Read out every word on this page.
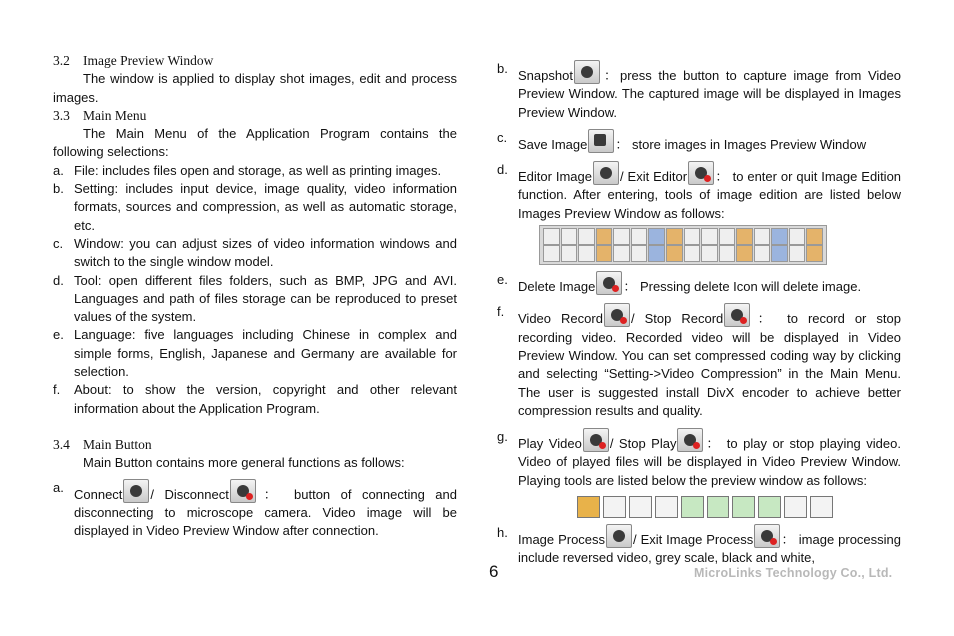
3.2 Image Preview Window

The window is applied to display shot images, edit and process images.

3.3 Main Menu

The Main Menu of the Application Program contains the following selections:

a. File: includes files open and storage, as well as printing images.
b. Setting: includes input device, image quality, video information formats, sources and compression, as well as automatic storage, etc.
c. Window: you can adjust sizes of video information windows and switch to the single window model.
d. Tool: open different files folders, such as BMP, JPG and AVI. Languages and path of files storage can be reproduced to preset values of the system.
e. Language: five languages including Chinese in complex and simple forms, English, Japanese and Germany are available for selection.
f.	About: to show the version, copyright and other relevant information about the Application Program.

3.4 Main Button

Main Button contains more general functions as follows:

a. Connect / Disconnect ： button of connecting and disconnecting to microscope camera. Video image will be displayed in Video Preview Window after connection.
b. Snapshot ：press the button to capture image from Video Preview Window. The captured image will be displayed in Images Preview Window.
c. Save Image ： store images in Images Preview Window
d. Editor Image / Exit Editor ： to enter or quit Image Edition function. After entering, tools of image edition are listed below Images Preview Window as follows:
e. Delete Image ： Pressing delete Icon will delete image.
f.	Video Record / Stop Record ： to record or stop recording video. Recorded video will be displayed in Video Preview Window. You can set compressed coding way by clicking and selecting “Setting->Video Compression” in the Main Menu. The user is suggested install DivX encoder to achieve better compression results and quality.
g. Play Video / Stop Play ： to play or stop playing video. Video of played files will be displayed in Video Preview Window. Playing tools are listed below the preview window as follows:
h. Image Process / Exit Image Process ： image processing include reversed video, grey scale, black and white,
6	MicroLinks Technology Co., Ltd.
